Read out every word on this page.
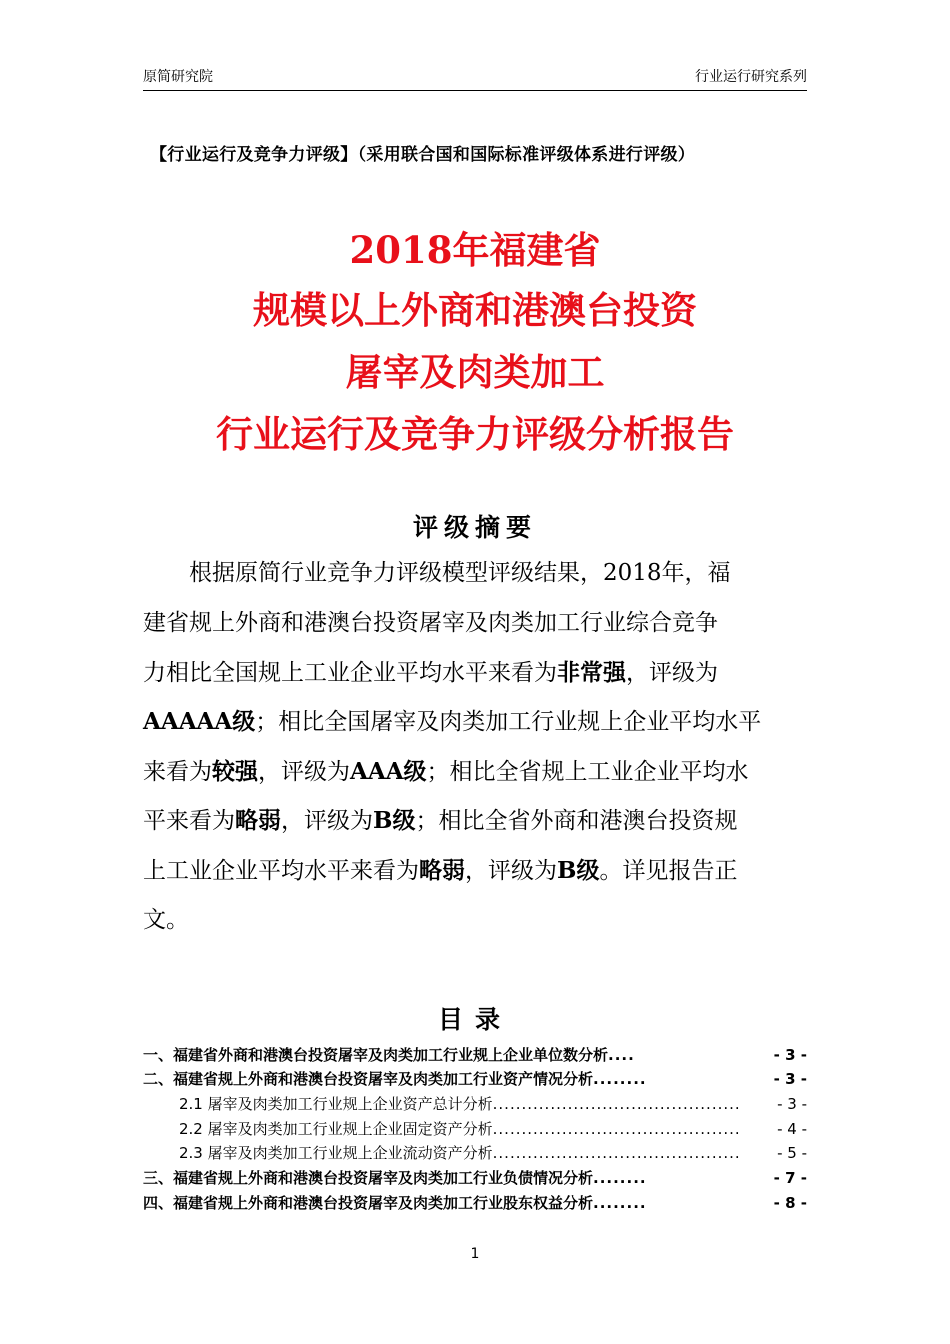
原简研究院	行业运行研究系列
【行业运行及竞争力评级】（采用联合国和国际标准评级体系进行评级）
2018年福建省
规模以上外商和港澳台投资
屠宰及肉类加工
行业运行及竞争力评级分析报告
评级摘要
根据原简行业竞争力评级模型评级结果，2018年，福
建省规上外商和港澳台投资屠宰及肉类加工行业综合竞争
力相比全国规上工业企业平均水平来看为非常强，评级为
AAAAA级；相比全国屠宰及肉类加工行业规上企业平均水平
来看为较强，评级为AAA级；相比全省规上工业企业平均水
平来看为略弱，评级为B级；相比全省外商和港澳台投资规
上工业企业平均水平来看为略弱，评级为B级。详见报告正
文。
目录
一、福建省外商和港澳台投资屠宰及肉类加工行业规上企业单位数分析 ....	- 3 -
二、福建省规上外商和港澳台投资屠宰及肉类加工行业资产情况分析 ........	- 3 -
2.1 屠宰及肉类加工行业规上企业资产总计分析 ...........................................	- 3 -
2.2 屠宰及肉类加工行业规上企业固定资产分析 ...........................................	- 4 -
2.3 屠宰及肉类加工行业规上企业流动资产分析 ...........................................	- 5 -
三、福建省规上外商和港澳台投资屠宰及肉类加工行业负债情况分析 ........	- 7 -
四、福建省规上外商和港澳台投资屠宰及肉类加工行业股东权益分析 ........	- 8 -
1
